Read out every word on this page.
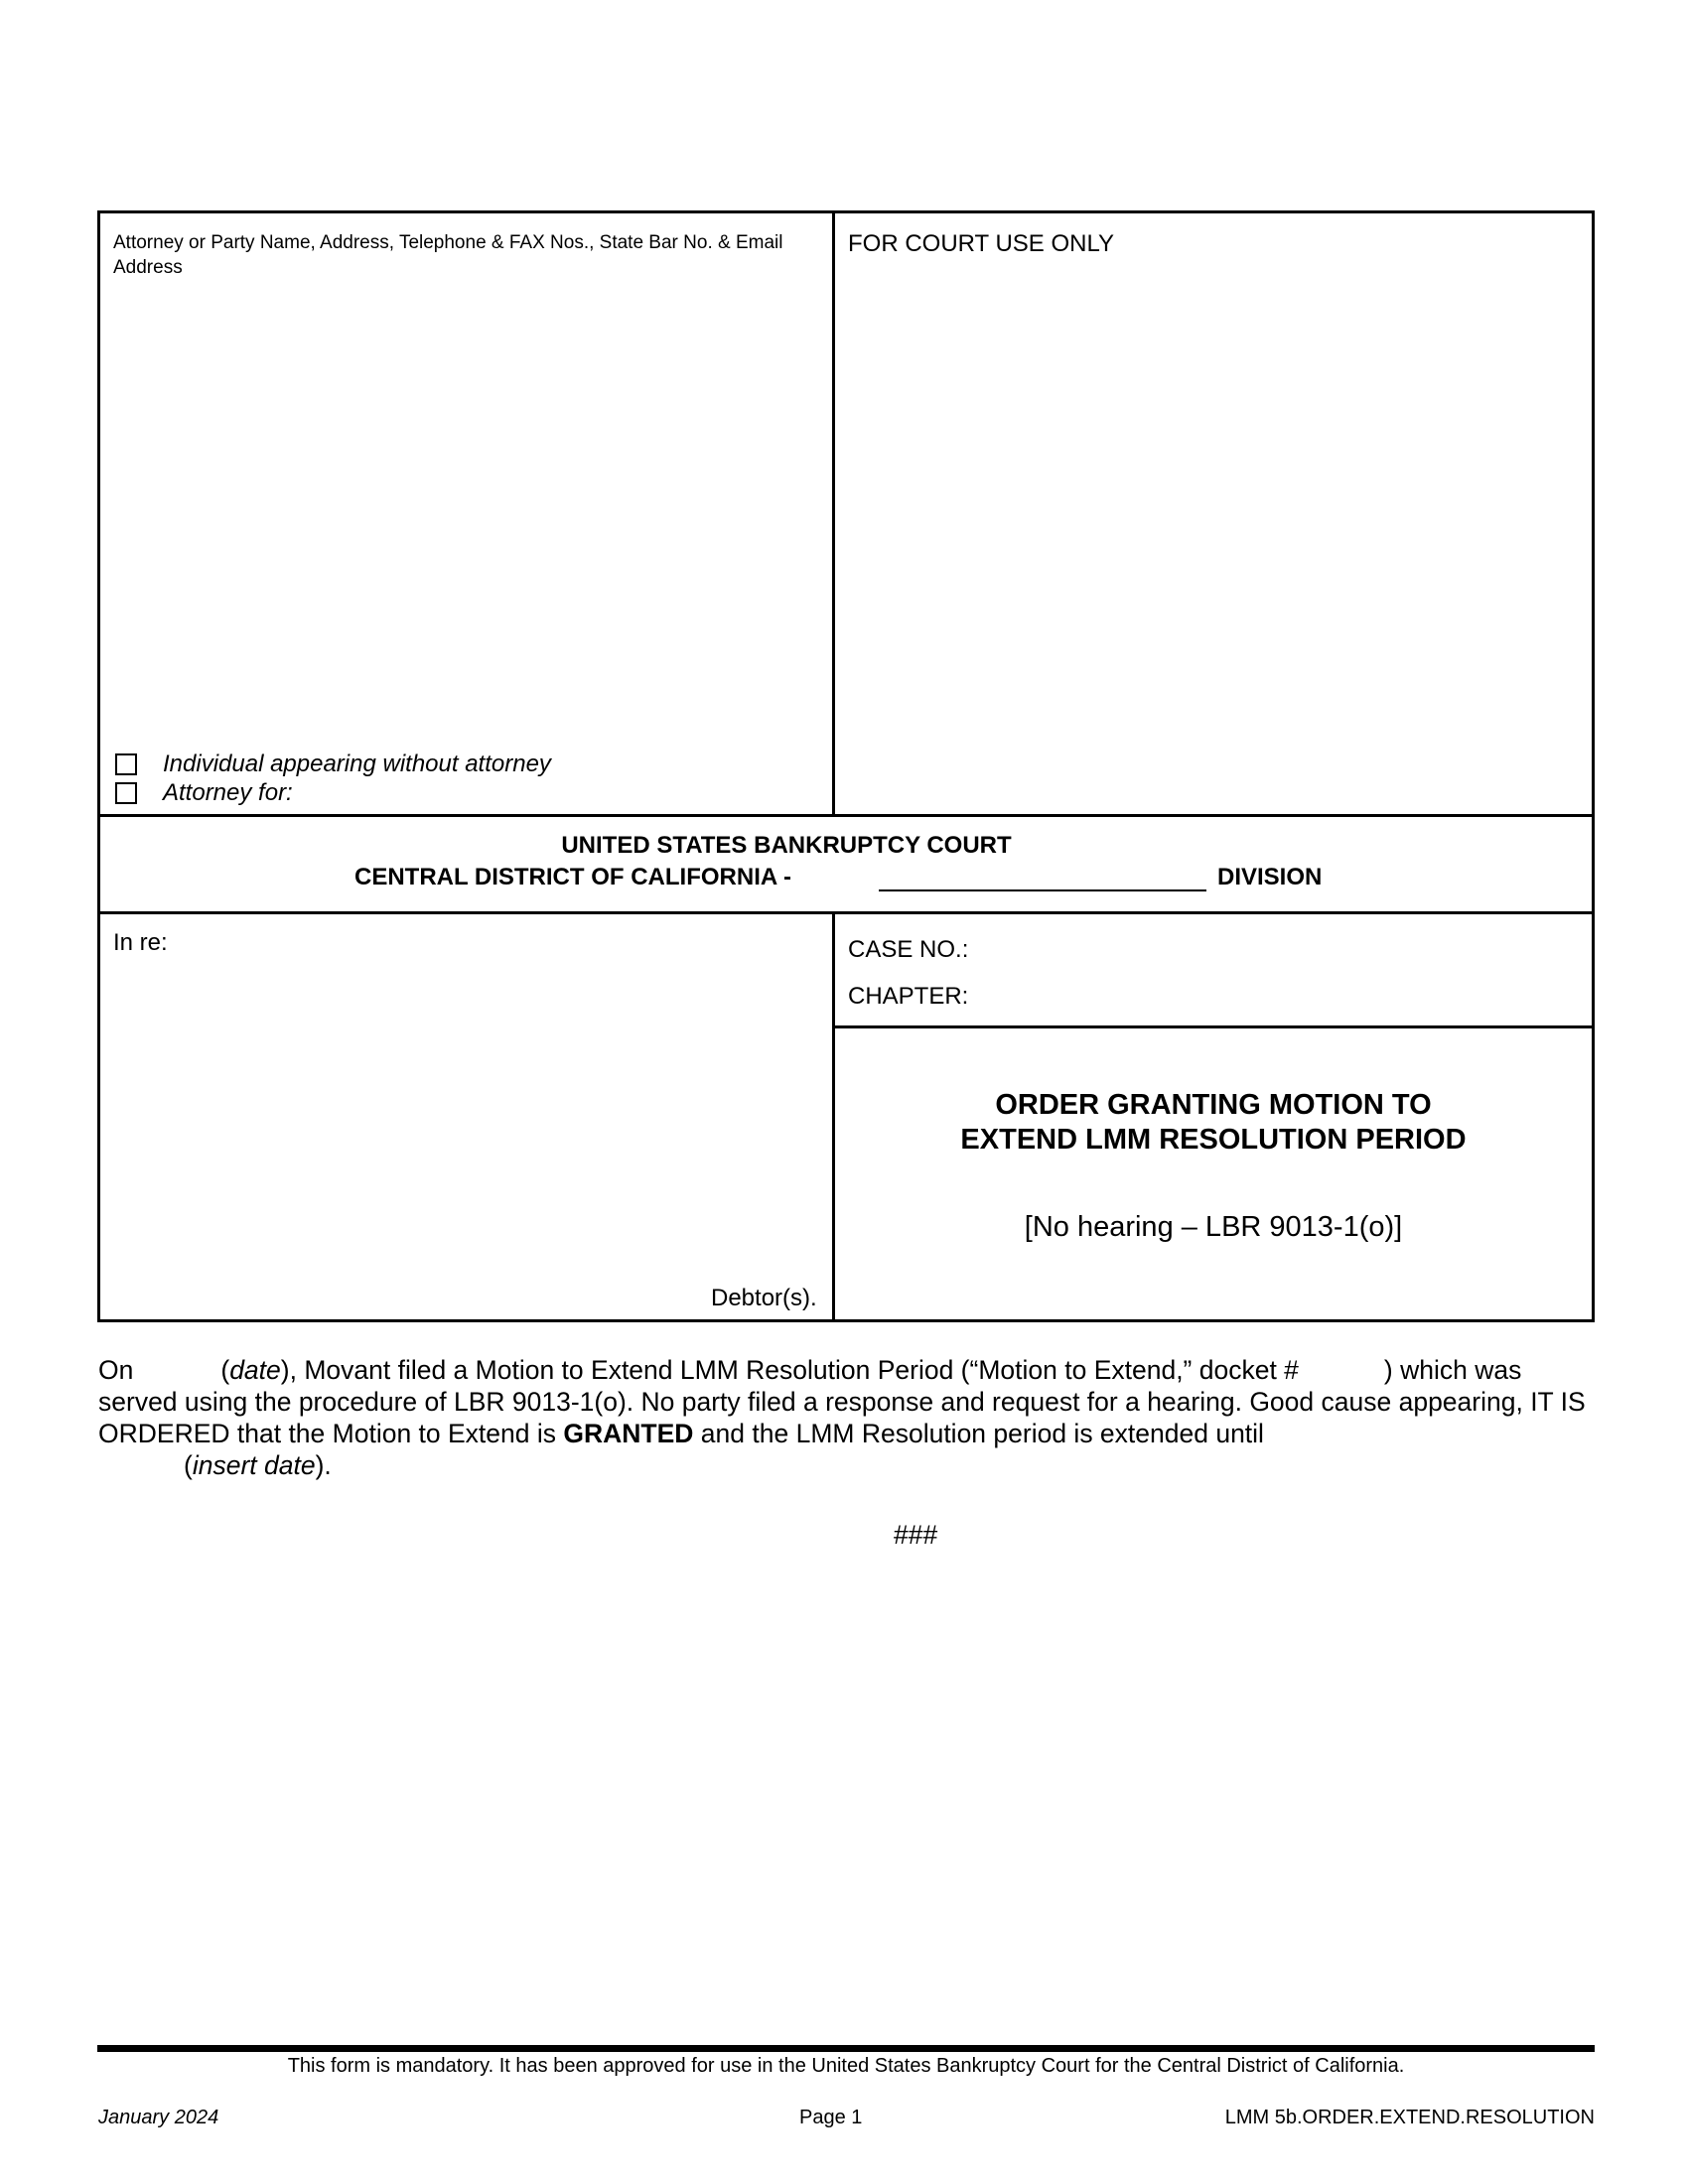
Attorney or Party Name, Address, Telephone & FAX Nos., State Bar No. & Email Address
Individual appearing without attorney
Attorney for:
FOR COURT USE ONLY
UNITED STATES BANKRUPTCY COURT
CENTRAL DISTRICT OF CALIFORNIA -	DIVISION
In re:
Debtor(s).
CASE NO.:
CHAPTER:
ORDER GRANTING MOTION TO
EXTEND LMM RESOLUTION PERIOD
[No hearing – LBR 9013-1(o)]
On	(date), Movant filed a Motion to Extend LMM Resolution Period (“Motion to Extend,” docket #	) which was served using the procedure of LBR 9013-1(o). No party filed a response and request for a hearing. Good cause appearing, IT IS ORDERED that the Motion to Extend is GRANTED and the LMM Resolution period is extended until
(insert date).
###
This form is mandatory. It has been approved for use in the United States Bankruptcy Court for the Central District of California.
January 2024	Page 1	LMM 5b.ORDER.EXTEND.RESOLUTION
